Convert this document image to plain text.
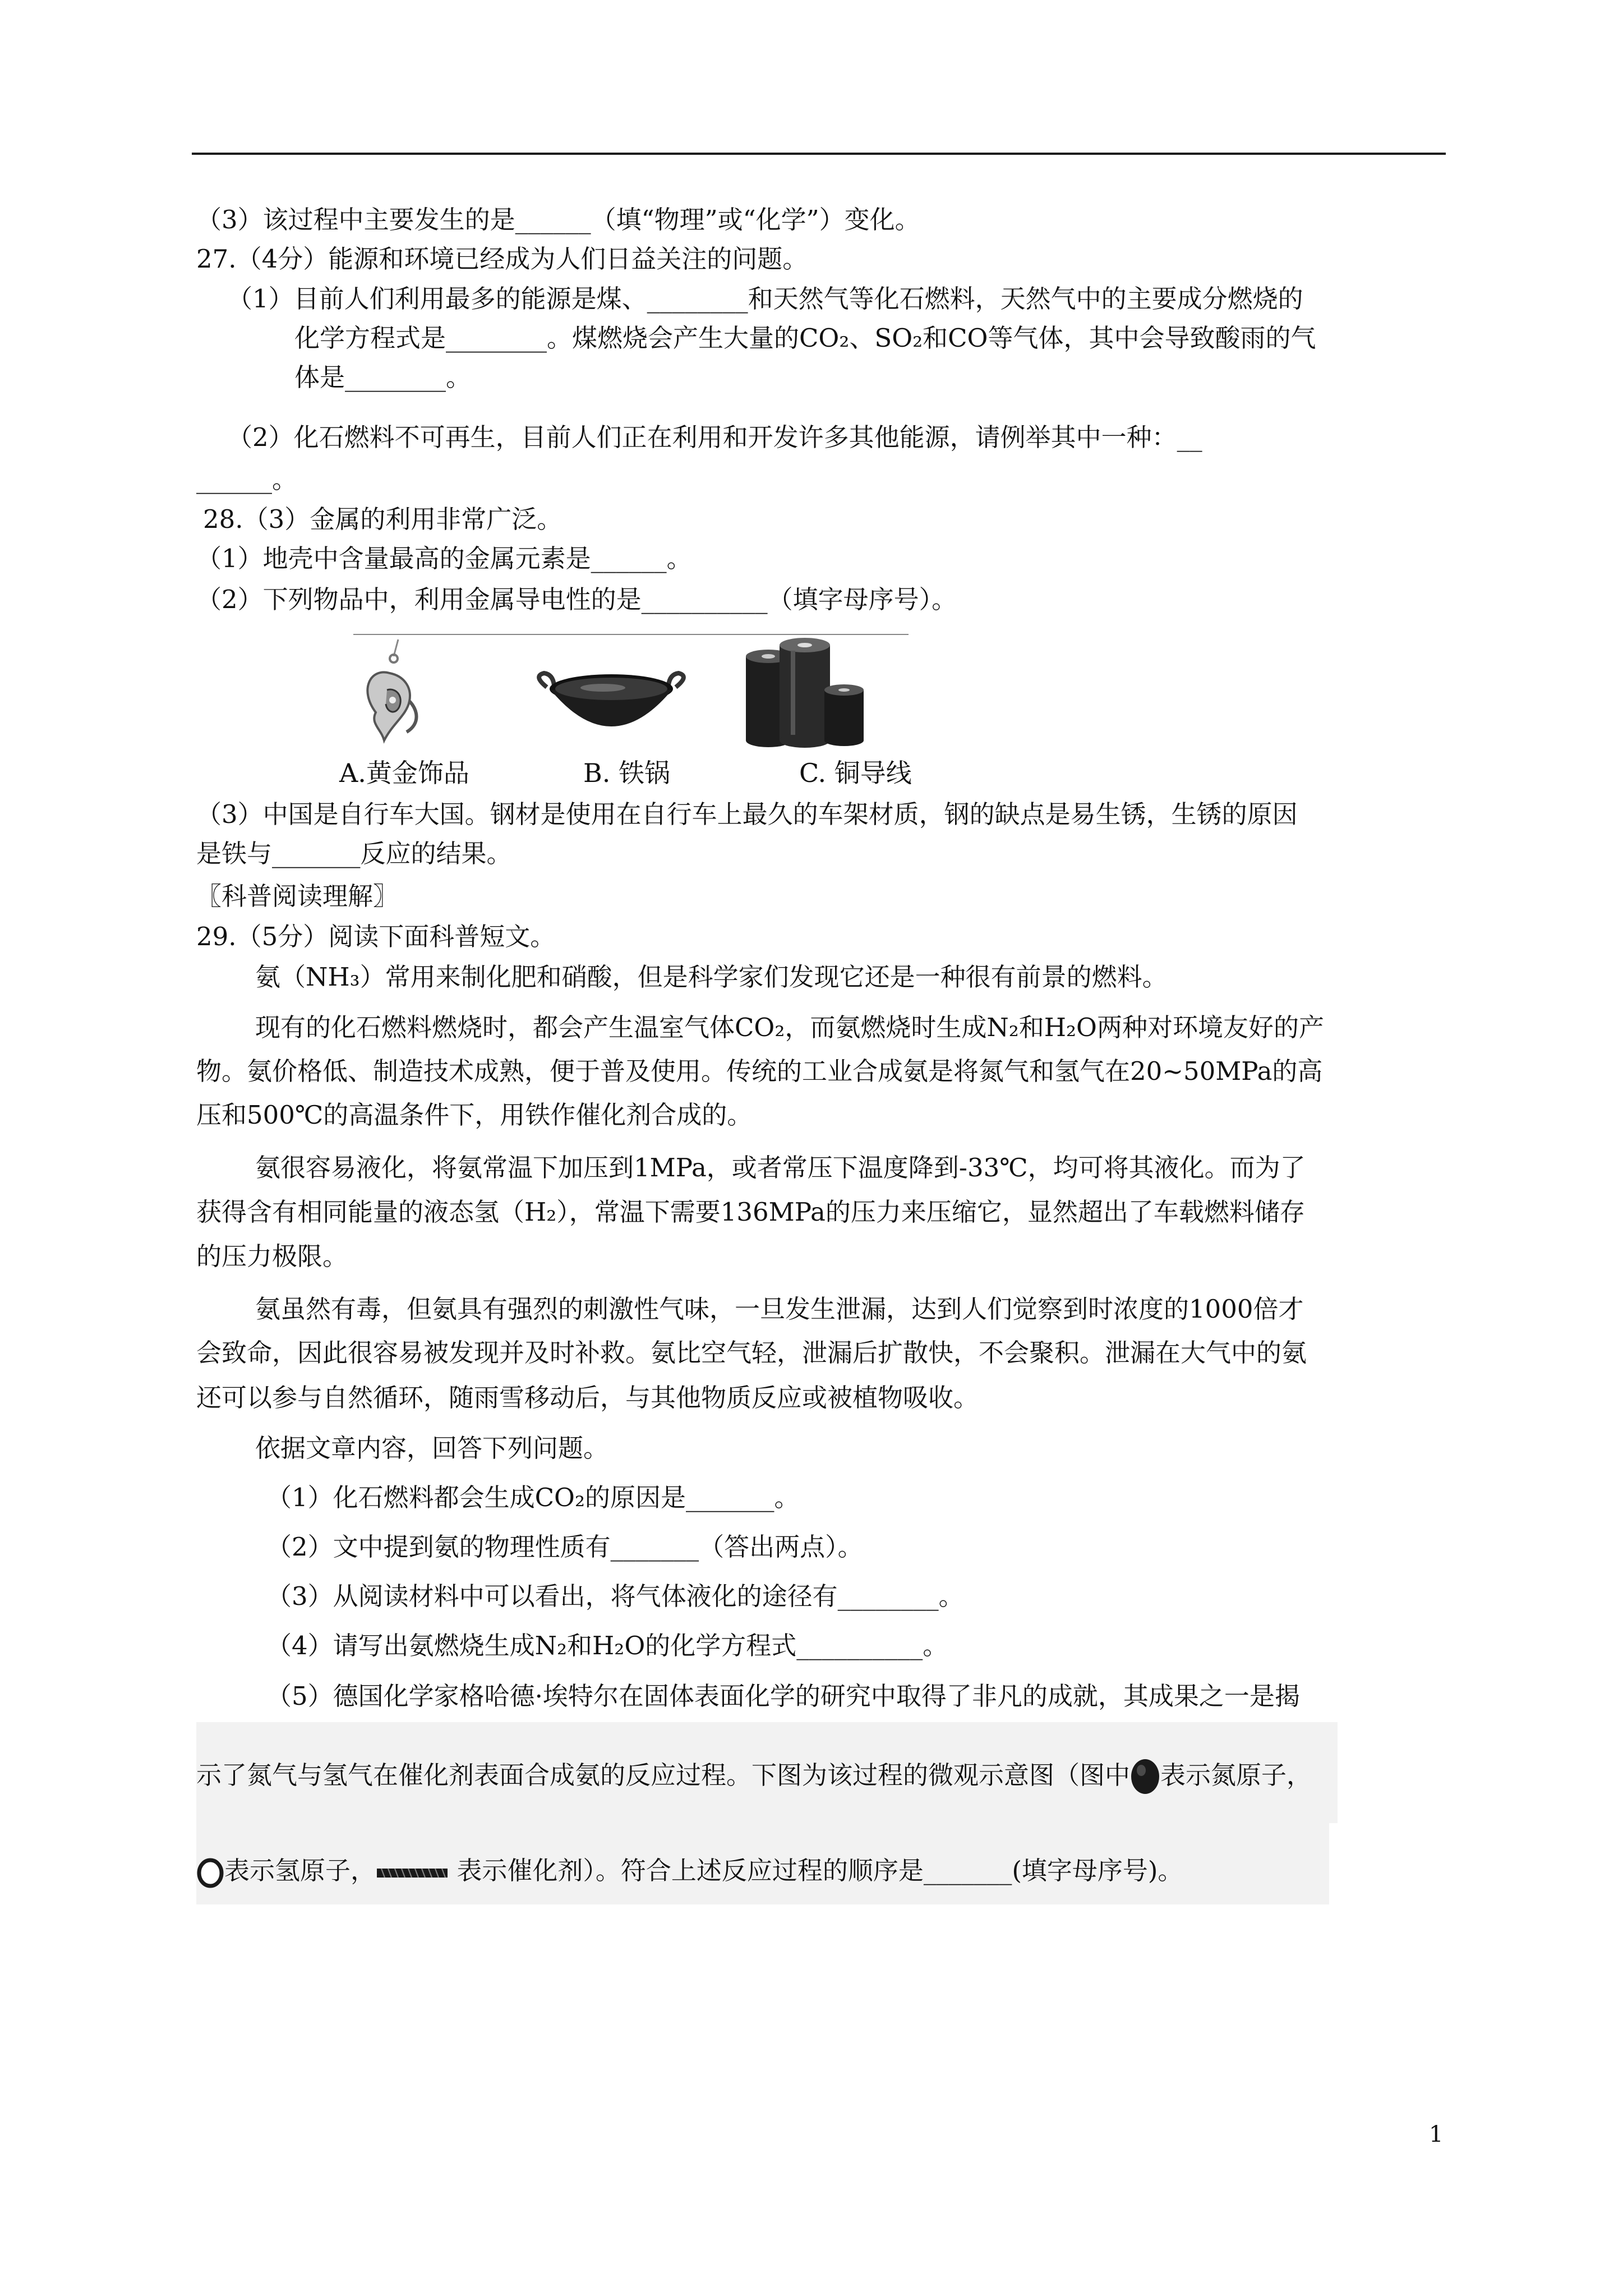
（3）该过程中主要发生的是______（填“物理”或“化学”）变化。
27.（4分）能源和环境已经成为人们日益关注的问题。
（1）目前人们利用最多的能源是煤、________和天然气等化石燃料，天然气中的主要成分燃烧的
化学方程式是________。煤燃烧会产生大量的CO₂、SO₂和CO等气体，其中会导致酸雨的气
体是________。
（2）化石燃料不可再生，目前人们正在利用和开发许多其他能源，请例举其中一种：__
______。
28.（3）金属的利用非常广泛。
（1）地壳中含量最高的金属元素是______。
（2）下列物品中，利用金属导电性的是__________（填字母序号）。
A.黄金饰品	B. 铁锅	C. 铜导线
（3）中国是自行车大国。钢材是使用在自行车上最久的车架材质，钢的缺点是易生锈，生锈的原因
是铁与_______反应的结果。
〖科普阅读理解〗
29.（5分）阅读下面科普短文。
氨（NH₃）常用来制化肥和硝酸，但是科学家们发现它还是一种很有前景的燃料。
现有的化石燃料燃烧时，都会产生温室气体CO₂，而氨燃烧时生成N₂和H₂O两种对环境友好的产
物。氨价格低、制造技术成熟，便于普及使用。传统的工业合成氨是将氮气和氢气在20~50MPa的高
压和500℃的高温条件下，用铁作催化剂合成的。
氨很容易液化，将氨常温下加压到1MPa，或者常压下温度降到-33℃，均可将其液化。而为了
获得含有相同能量的液态氢（H₂），常温下需要136MPa的压力来压缩它，显然超出了车载燃料储存
的压力极限。
氨虽然有毒，但氨具有强烈的刺激性气味，一旦发生泄漏，达到人们觉察到时浓度的1000倍才
会致命，因此很容易被发现并及时补救。氨比空气轻，泄漏后扩散快，不会聚积。泄漏在大气中的氨
还可以参与自然循环，随雨雪移动后，与其他物质反应或被植物吸收。
依据文章内容，回答下列问题。
（1）化石燃料都会生成CO₂的原因是_______。
（2）文中提到氨的物理性质有_______（答出两点）。
（3）从阅读材料中可以看出，将气体液化的途径有________。
（4）请写出氨燃烧生成N₂和H₂O的化学方程式__________。
（5）德国化学家格哈德·埃特尔在固体表面化学的研究中取得了非凡的成就，其成果之一是揭
示了氮气与氢气在催化剂表面合成氨的反应过程。下图为该过程的微观示意图（图中 表示氮原子，
表示氢原子，	表示催化剂）。符合上述反应过程的顺序是_______(填字母序号)。
1
